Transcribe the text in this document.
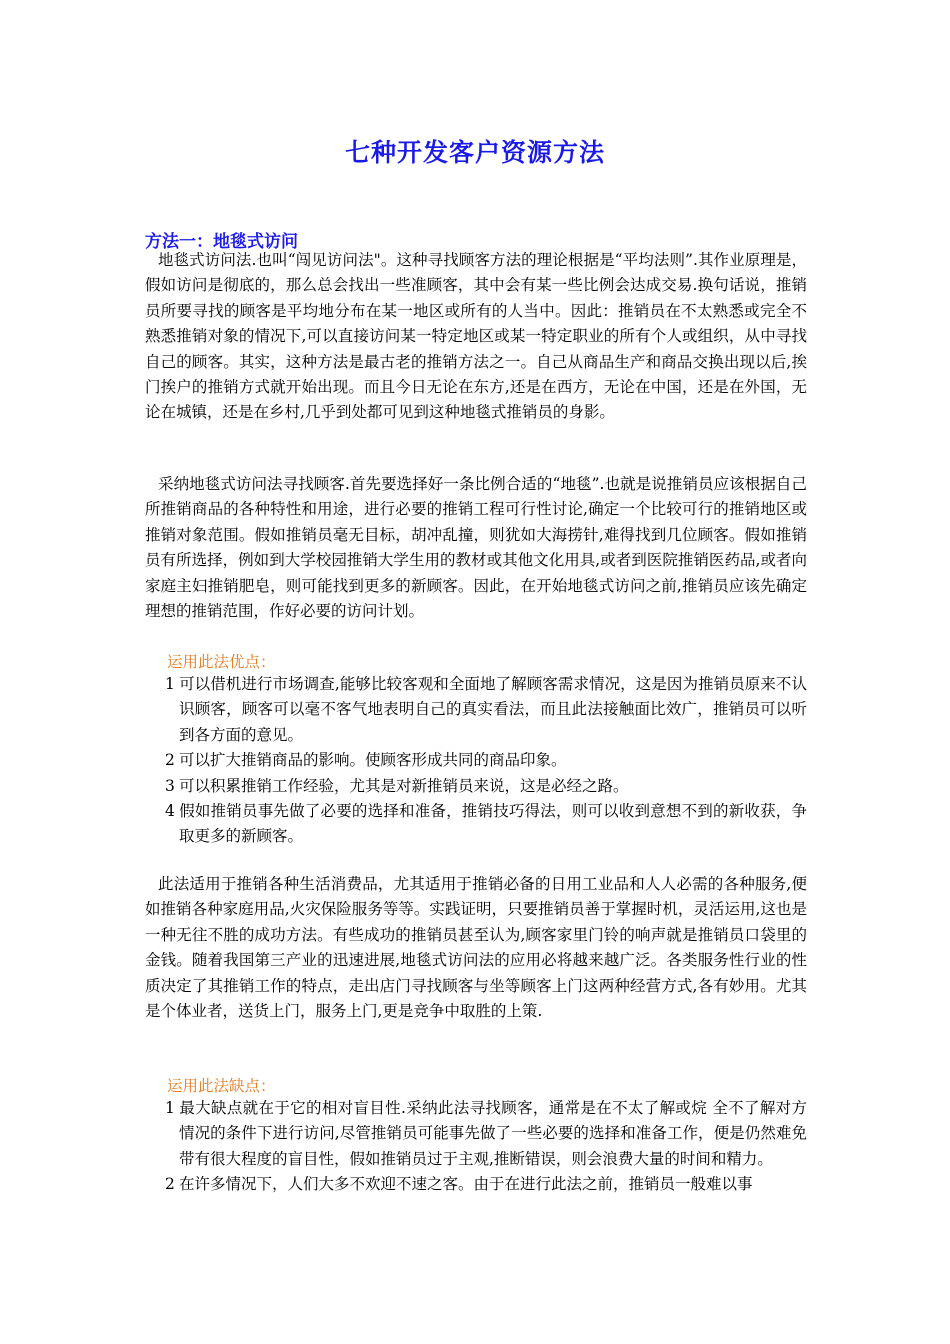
七种开发客户资源方法
方法一：地毯式访问
地毯式访问法.也叫“闯见访问法"。这种寻找顾客方法的理论根据是“平均法则”.其作业原理是，假如访问是彻底的，那么总会找出一些准顾客，其中会有某一些比例会达成交易.换句话说，推销员所要寻找的顾客是平均地分布在某一地区或所有的人当中。因此：推销员在不太熟悉或完全不熟悉推销对象的情况下,可以直接访问某一特定地区或某一特定职业的所有个人或组织，从中寻找自己的顾客。其实，这种方法是最古老的推销方法之一。自己从商品生产和商品交换出现以后,挨门挨户的推销方式就开始出现。而且今日无论在东方,还是在西方，无论在中国，还是在外国，无论在城镇，还是在乡村,几乎到处都可见到这种地毯式推销员的身影。
采纳地毯式访问法寻找顾客.首先要选择好一条比例合适的“地毯”.也就是说推销员应该根据自己所推销商品的各种特性和用途，进行必要的推销工程可行性讨论,确定一个比较可行的推销地区或推销对象范围。假如推销员毫无目标，胡冲乱撞，则犹如大海捞针,难得找到几位顾客。假如推销员有所选择，例如到大学校园推销大学生用的教材或其他文化用具,或者到医院推销医药品,或者向家庭主妇推销肥皂，则可能找到更多的新顾客。因此，在开始地毯式访问之前,推销员应该先确定理想的推销范围，作好必要的访问计划。
运用此法优点：
1 可以借机进行市场调查,能够比较客观和全面地了解顾客需求情况，这是因为推销员原来不认识顾客，顾客可以毫不客气地表明自己的真实看法，而且此法接触面比效广，推销员可以听到各方面的意见。
2 可以扩大推销商品的影响。使顾客形成共同的商品印象。
3 可以积累推销工作经验，尤其是对新推销员来说，这是必经之路。
4 假如推销员事先做了必要的选择和准备，推销技巧得法，则可以收到意想不到的新收获，争取更多的新顾客。
此法适用于推销各种生活消费品，尤其适用于推销必备的日用工业品和人人必需的各种服务,便如推销各种家庭用品,火灾保险服务等等。实践证明，只要推销员善于掌握时机，灵活运用,这也是一种无往不胜的成功方法。有些成功的推销员甚至认为,顾客家里门铃的响声就是推销员口袋里的金钱。随着我国第三产业的迅速进展,地毯式访问法的应用必将越来越广泛。各类服务性行业的性质决定了其推销工作的特点，走出店门寻找顾客与坐等顾客上门这两种经营方式,各有妙用。尤其是个体业者，送货上门，服务上门,更是竞争中取胜的上策.
运用此法缺点：
1 最大缺点就在于它的相对盲目性.采纳此法寻找顾客，通常是在不太了解或烷 全不了解对方情况的条件下进行访问,尽管推销员可能事先做了一些必要的选择和准备工作，便是仍然难免带有很大程度的盲目性，假如推销员过于主观,推断错误，则会浪费大量的时间和精力。
2 在许多情况下，人们大多不欢迎不速之客。由于在进行此法之前，推销员一般难以事
